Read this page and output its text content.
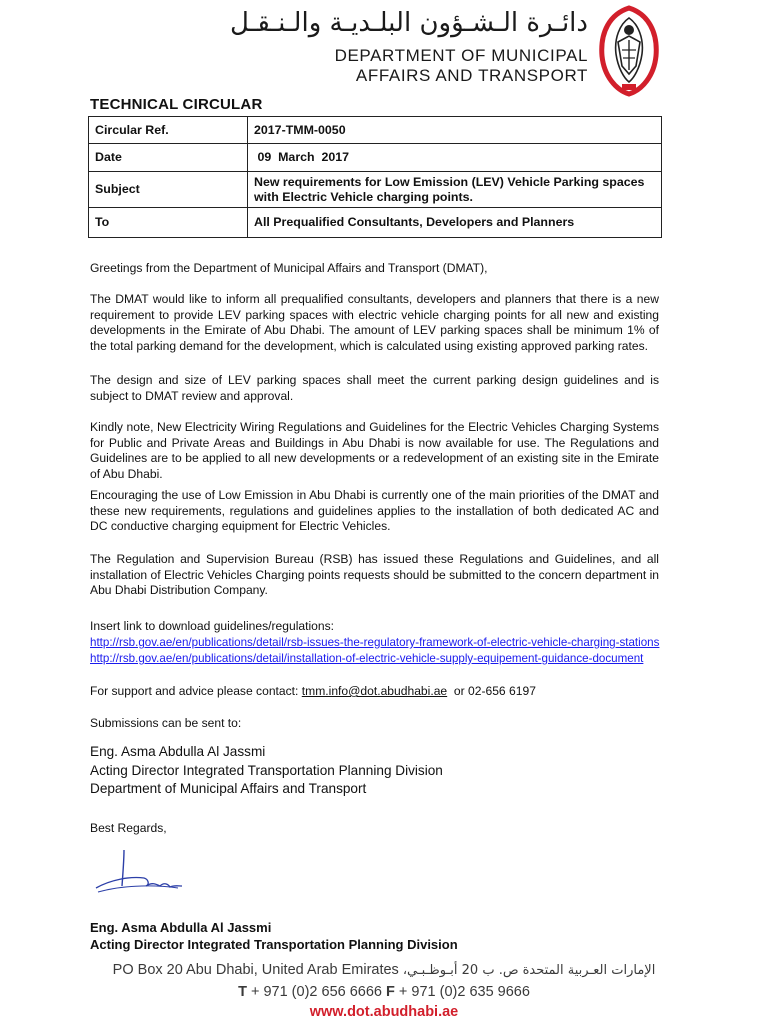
دائـرة الـشـؤون البلـديـة والـنـقـل
DEPARTMENT OF MUNICIPAL
AFFAIRS AND TRANSPORT
TECHNICAL CIRCULAR
Circular Ref.	2017-TMM-0050
Date	09  March  2017
Subject	New requirements for Low Emission (LEV) Vehicle Parking spaces with Electric Vehicle charging points.
To	All Prequalified Consultants, Developers and Planners
Greetings from the Department of Municipal Affairs and Transport (DMAT),
The DMAT would like to inform all prequalified consultants, developers and planners that there is a new requirement to provide LEV parking spaces with electric vehicle charging points for all new and existing developments in the Emirate of Abu Dhabi. The amount of LEV parking spaces shall be minimum 1% of the total parking demand for the development, which is calculated using existing approved parking rates.
The design and size of LEV parking spaces shall meet the current parking design guidelines and is subject to DMAT review and approval.
Kindly note, New Electricity Wiring Regulations and Guidelines for the Electric Vehicles Charging Systems for Public and Private Areas and Buildings in Abu Dhabi is now available for use. The Regulations and Guidelines are to be applied to all new developments or a redevelopment of an existing site in the Emirate of Abu Dhabi.
Encouraging the use of Low Emission in Abu Dhabi is currently one of the main priorities of the DMAT and these new requirements, regulations and guidelines applies to the installation of both dedicated AC and DC conductive charging equipment for Electric Vehicles.
The Regulation and Supervision Bureau (RSB) has issued these Regulations and Guidelines, and all installation of Electric Vehicles Charging points requests should be submitted to the concern department in Abu Dhabi Distribution Company.
Insert link to download guidelines/regulations:
http://rsb.gov.ae/en/publications/detail/rsb-issues-the-regulatory-framework-of-electric-vehicle-charging-stations
http://rsb.gov.ae/en/publications/detail/installation-of-electric-vehicle-supply-equipement-guidance-document
For support and advice please contact: tmm.info@dot.abudhabi.ae  or 02-656 6197
Submissions can be sent to:
Eng. Asma Abdulla Al Jassmi
Acting Director Integrated Transportation Planning Division
Department of Municipal Affairs and Transport
Best Regards,
Eng. Asma Abdulla Al Jassmi
Acting Director Integrated Transportation Planning Division
PO Box 20 Abu Dhabi, United Arab Emirates	الإمارات العـربية المتحدة ص. ب 20 أبـوظـبـي،
T + 971 (0)2 656 6666 F + 971 (0)2 635 9666
www.dot.abudhabi.ae
